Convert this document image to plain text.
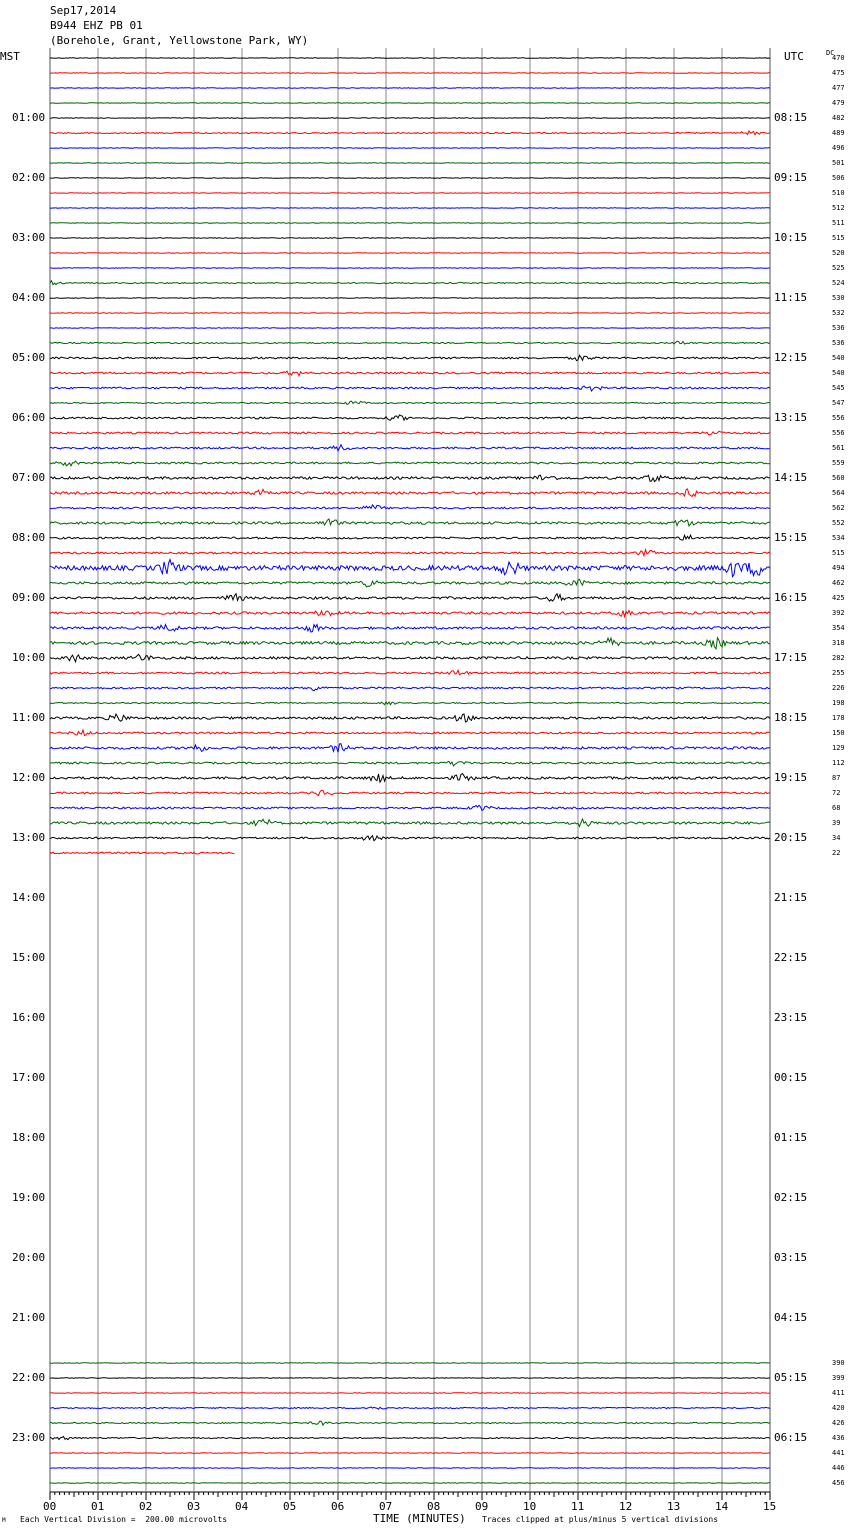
Sep17,2014
B944 EHZ PB 01
(Borehole, Grant, Yellowstone Park, WY)
MST	UTC	DC
00	01	02	03	04	05	06	07	08	09	10	11	12	13	14	15
01:00	08:15
02:00	09:15
03:00	10:15
04:00	11:15
05:00	12:15
06:00	13:15
07:00	14:15
08:00	15:15
09:00	16:15
10:00	17:15
11:00	18:15
12:00	19:15
13:00	20:15
14:00	21:15
15:00	22:15
16:00	23:15
17:00	00:15
18:00	01:15
19:00	02:15
20:00	03:15
21:00	04:15
22:00	05:15
23:00	06:15
470
475
477
479
482
489
496
501
506
510
512
511
515
520
525
524
530
532
536
536
540
540
545
547
556
556
561
559
560
564
562
552
534
515
494
462
425
392
354
318
282
255
226
198
178
150
129
112
87
72
68
39
34
22
390
399
411
420
426
436
441
446
456
M Each Vertical Division =  200.00 microvolts	TIME (MINUTES) Traces clipped at plus/minus 5 vertical divisions
